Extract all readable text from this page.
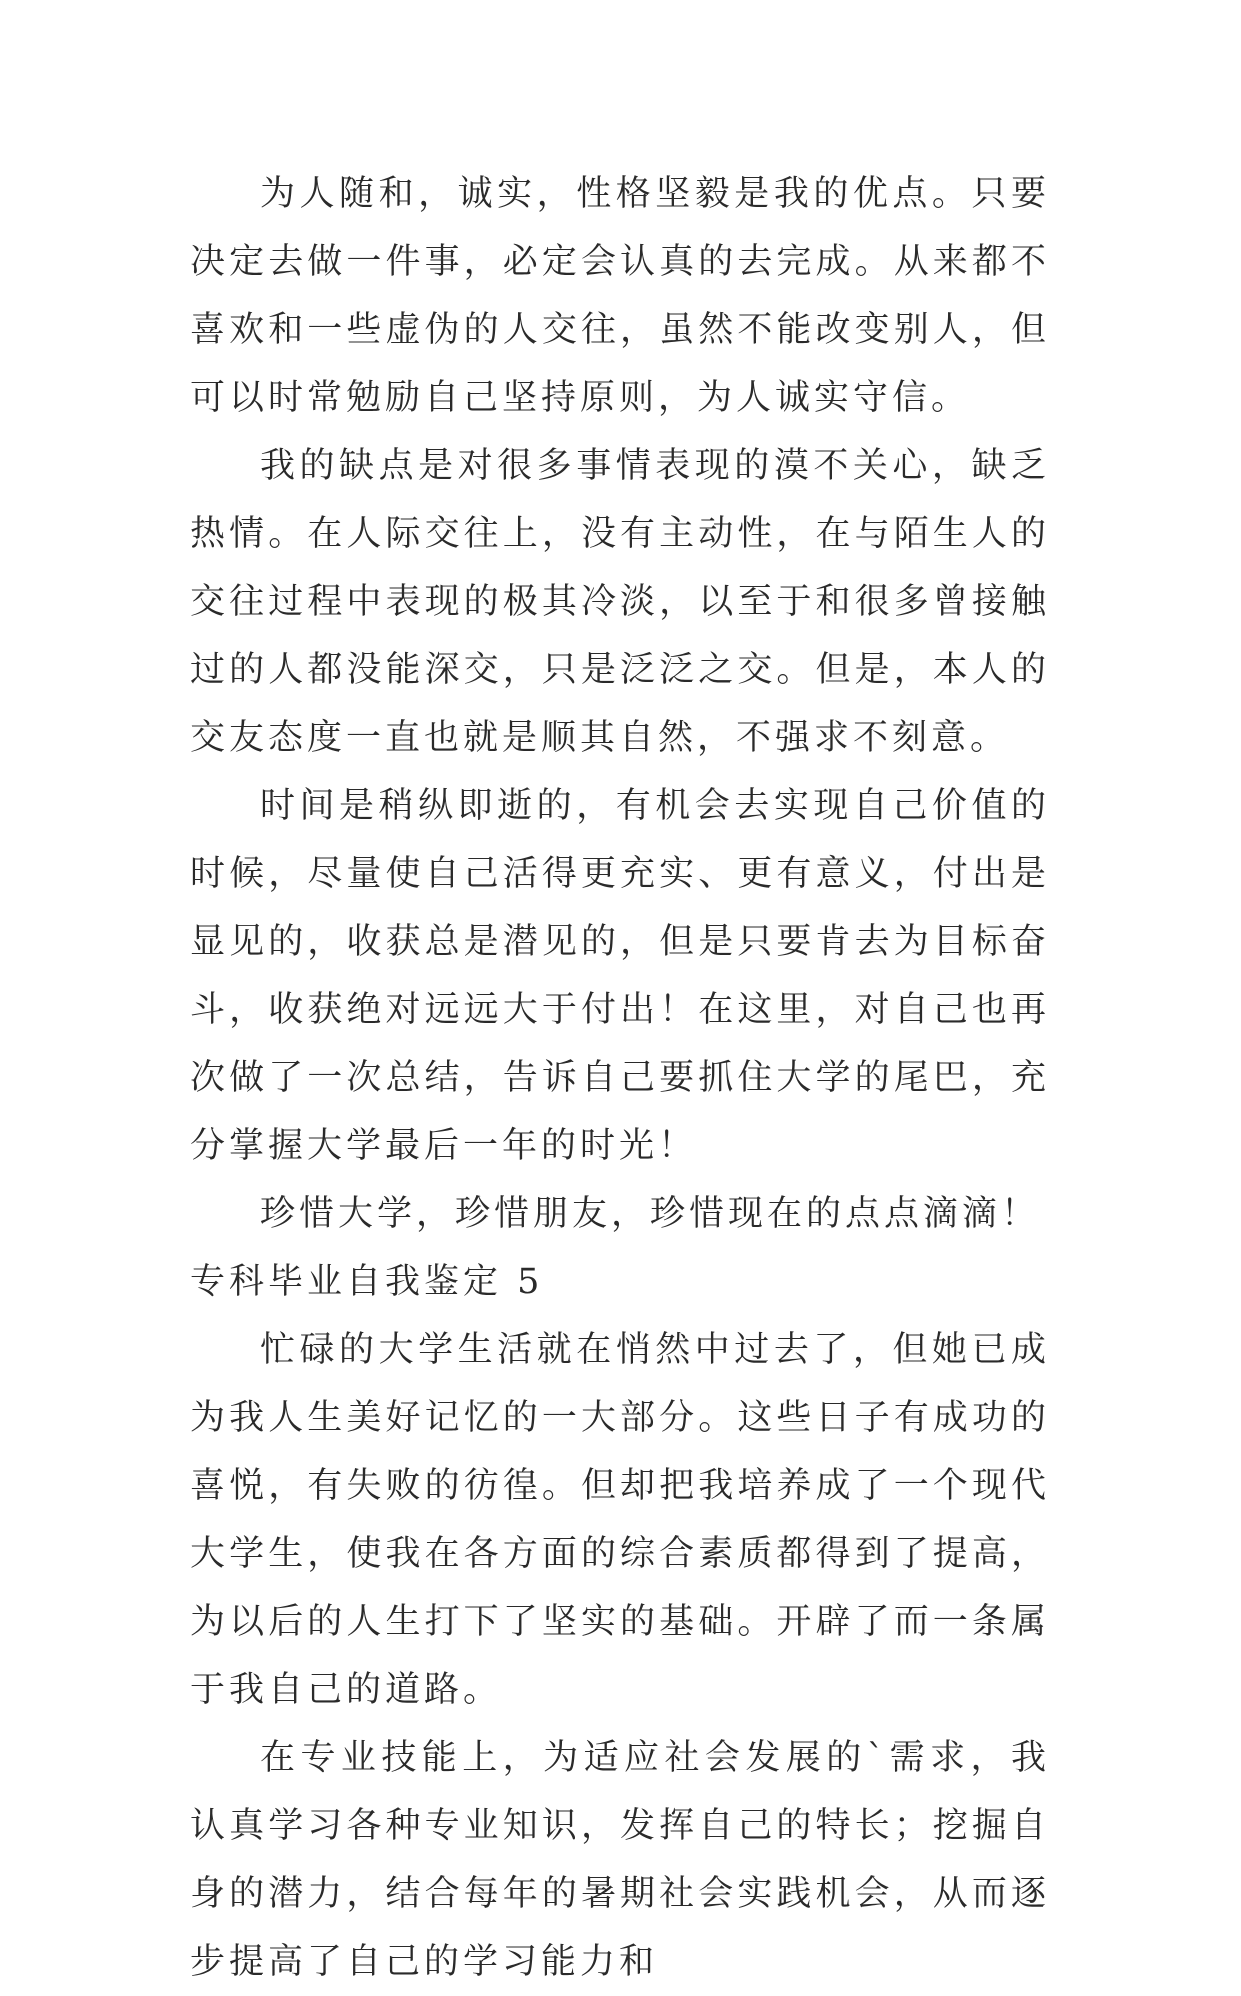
为人随和，诚实，性格坚毅是我的优点。只要决定去做一件事，必定会认真的去完成。从来都不喜欢和一些虚伪的人交往，虽然不能改变别人，但可以时常勉励自己坚持原则，为人诚实守信。

我的缺点是对很多事情表现的漠不关心，缺乏热情。在人际交往上，没有主动性，在与陌生人的交往过程中表现的极其冷淡，以至于和很多曾接触过的人都没能深交，只是泛泛之交。但是，本人的交友态度一直也就是顺其自然，不强求不刻意。

时间是稍纵即逝的，有机会去实现自己价值的时候，尽量使自己活得更充实、更有意义，付出是显见的，收获总是潜见的，但是只要肯去为目标奋斗，收获绝对远远大于付出！在这里，对自己也再次做了一次总结，告诉自己要抓住大学的尾巴，充分掌握大学最后一年的时光！

珍惜大学，珍惜朋友，珍惜现在的点点滴滴！

专科毕业自我鉴定 5

忙碌的大学生活就在悄然中过去了，但她已成为我人生美好记忆的一大部分。这些日子有成功的喜悦，有失败的彷徨。但却把我培养成了一个现代大学生，使我在各方面的综合素质都得到了提高，为以后的人生打下了坚实的基础。开辟了而一条属于我自己的道路。

在专业技能上，为适应社会发展的`需求，我认真学习各种专业知识，发挥自己的特长；挖掘自身的潜力，结合每年的暑期社会实践机会，从而逐步提高了自己的学习能力和
